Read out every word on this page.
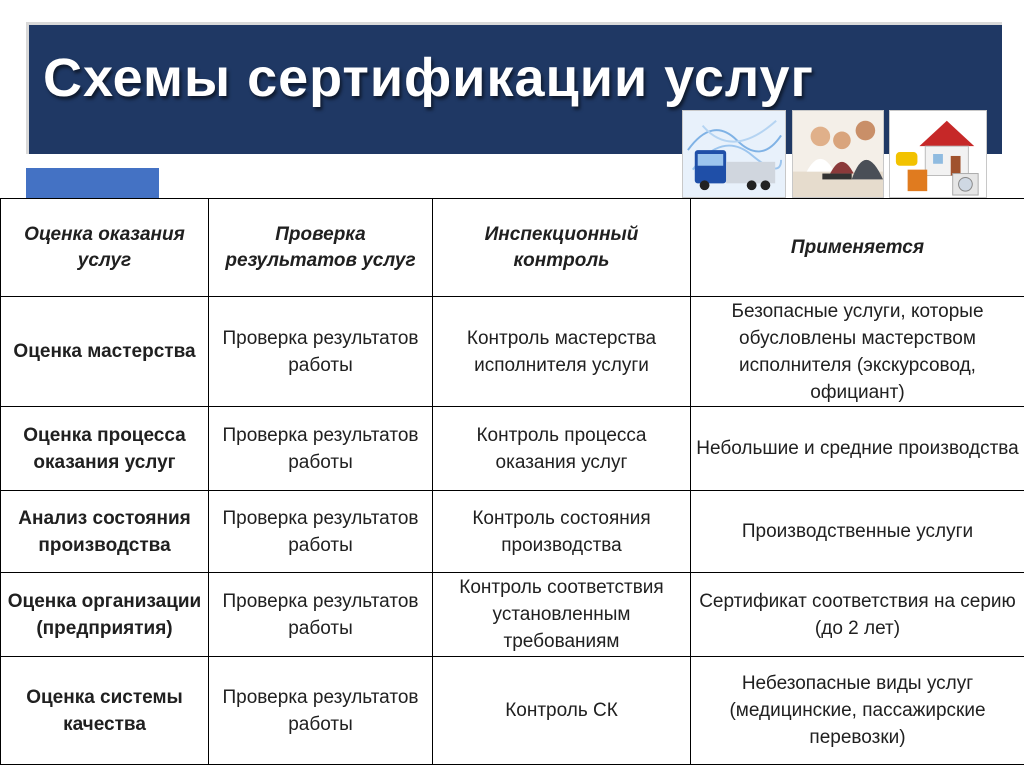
Схемы сертификации услуг
Оценка оказания услуг	Проверка результатов услуг	Инспекционный контроль	Применяется
Оценка мастерства	Проверка результатов работы	Контроль мастерства исполнителя услуги	Безопасные услуги, которые обусловлены мастерством исполнителя (экскурсовод, официант)
Оценка процесса оказания услуг	Проверка результатов работы	Контроль процесса оказания услуг	Небольшие и средние производства
Анализ состояния производства	Проверка результатов работы	Контроль состояния производства	Производственные услуги
Оценка организации (предприятия)	Проверка результатов работы	Контроль соответствия установленным требованиям	Сертификат соответствия на серию (до 2 лет)
Оценка системы качества	Проверка результатов работы	Контроль СК	Небезопасные виды услуг (медицинские, пассажирские перевозки)
